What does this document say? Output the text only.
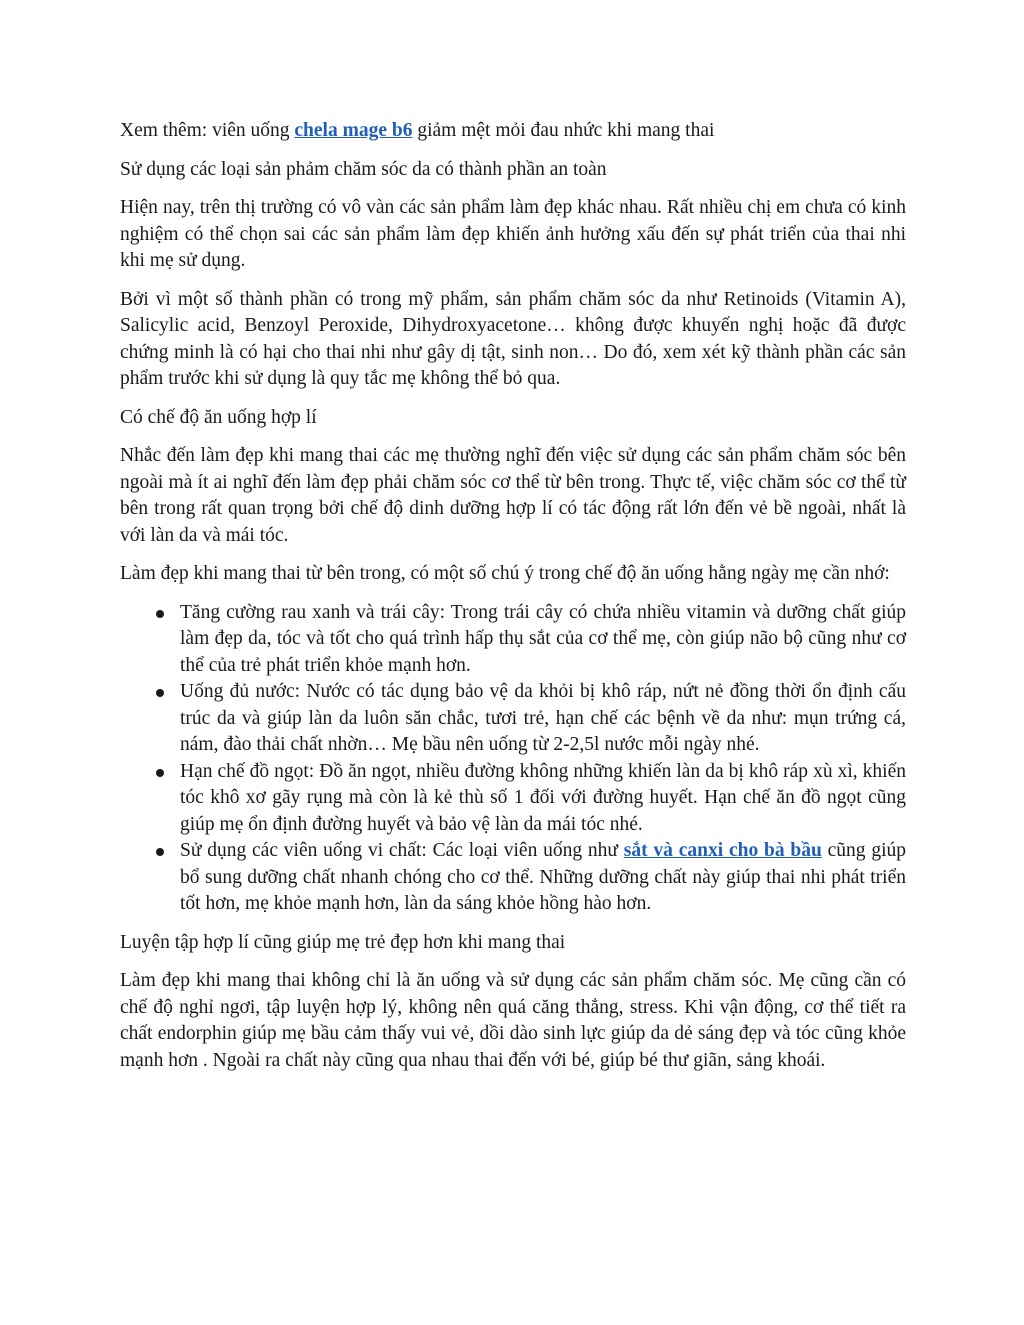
Xem thêm: viên uống chela mage b6 giảm mệt mỏi đau nhức khi mang thai

Sử dụng các loại sản phảm chăm sóc da có thành phần an toàn

Hiện nay, trên thị trường có vô vàn các sản phẩm làm đẹp khác nhau. Rất nhiều chị em chưa có kinh nghiệm có thể chọn sai các sản phẩm làm đẹp khiến ảnh hưởng xấu đến sự phát triển của thai nhi khi mẹ sử dụng.

Bởi vì một số thành phần có trong mỹ phẩm, sản phẩm chăm sóc da như Retinoids (Vitamin A), Salicylic acid, Benzoyl Peroxide, Dihydroxyacetone… không được khuyến nghị hoặc đã được chứng minh là có hại cho thai nhi như gây dị tật, sinh non… Do đó, xem xét kỹ thành phần các sản phẩm trước khi sử dụng là quy tắc mẹ không thể bỏ qua.

Có chế độ ăn uống hợp lí

Nhắc đến làm đẹp khi mang thai các mẹ thường nghĩ đến việc sử dụng các sản phẩm chăm sóc bên ngoài mà ít ai nghĩ đến làm đẹp phải chăm sóc cơ thể từ bên trong. Thực tế, việc chăm sóc cơ thể từ bên trong rất quan trọng bởi chế độ dinh dưỡng hợp lí có tác động rất lớn đến vẻ bề ngoài, nhất là với làn da và mái tóc.

Làm đẹp khi mang thai từ bên trong, có một số chú ý trong chế độ ăn uống hằng ngày mẹ cần nhớ:

Tăng cường rau xanh và trái cây: Trong trái cây có chứa nhiều vitamin và dưỡng chất giúp làm đẹp da, tóc và tốt cho quá trình hấp thụ sắt của cơ thể mẹ, còn giúp não bộ cũng như cơ thể của trẻ phát triển khỏe mạnh hơn.
Uống đủ nước: Nước có tác dụng bảo vệ da khỏi bị khô ráp, nứt nẻ đồng thời ổn định cấu trúc da và giúp làn da luôn săn chắc, tươi trẻ, hạn chế các bệnh về da như: mụn trứng cá, nám, đào thải chất nhờn… Mẹ bầu nên uống từ 2-2,5l nước mỗi ngày nhé.
Hạn chế đồ ngọt: Đồ ăn ngọt, nhiều đường không những khiến làn da bị khô ráp xù xì, khiến tóc khô xơ gãy rụng mà còn là kẻ thù số 1 đối với đường huyết. Hạn chế ăn đồ ngọt cũng giúp mẹ ổn định đường huyết và bảo vệ làn da mái tóc nhé.
Sử dụng các viên uống vi chất: Các loại viên uống như sắt và canxi cho bà bầu cũng giúp bổ sung dưỡng chất nhanh chóng cho cơ thể. Những dưỡng chất này giúp thai nhi phát triển tốt hơn, mẹ khỏe mạnh hơn, làn da sáng khỏe hồng hào hơn.

Luyện tập hợp lí cũng giúp mẹ trẻ đẹp hơn khi mang thai

Làm đẹp khi mang thai không chỉ là ăn uống và sử dụng các sản phẩm chăm sóc. Mẹ cũng cần có chế độ nghỉ ngơi, tập luyện hợp lý, không nên quá căng thẳng, stress. Khi vận động, cơ thể tiết ra chất endorphin giúp mẹ bầu cảm thấy vui vẻ, dồi dào sinh lực giúp da dẻ sáng đẹp và tóc cũng khỏe mạnh hơn . Ngoài ra chất này cũng qua nhau thai đến với bé, giúp bé thư giãn, sảng khoái.
